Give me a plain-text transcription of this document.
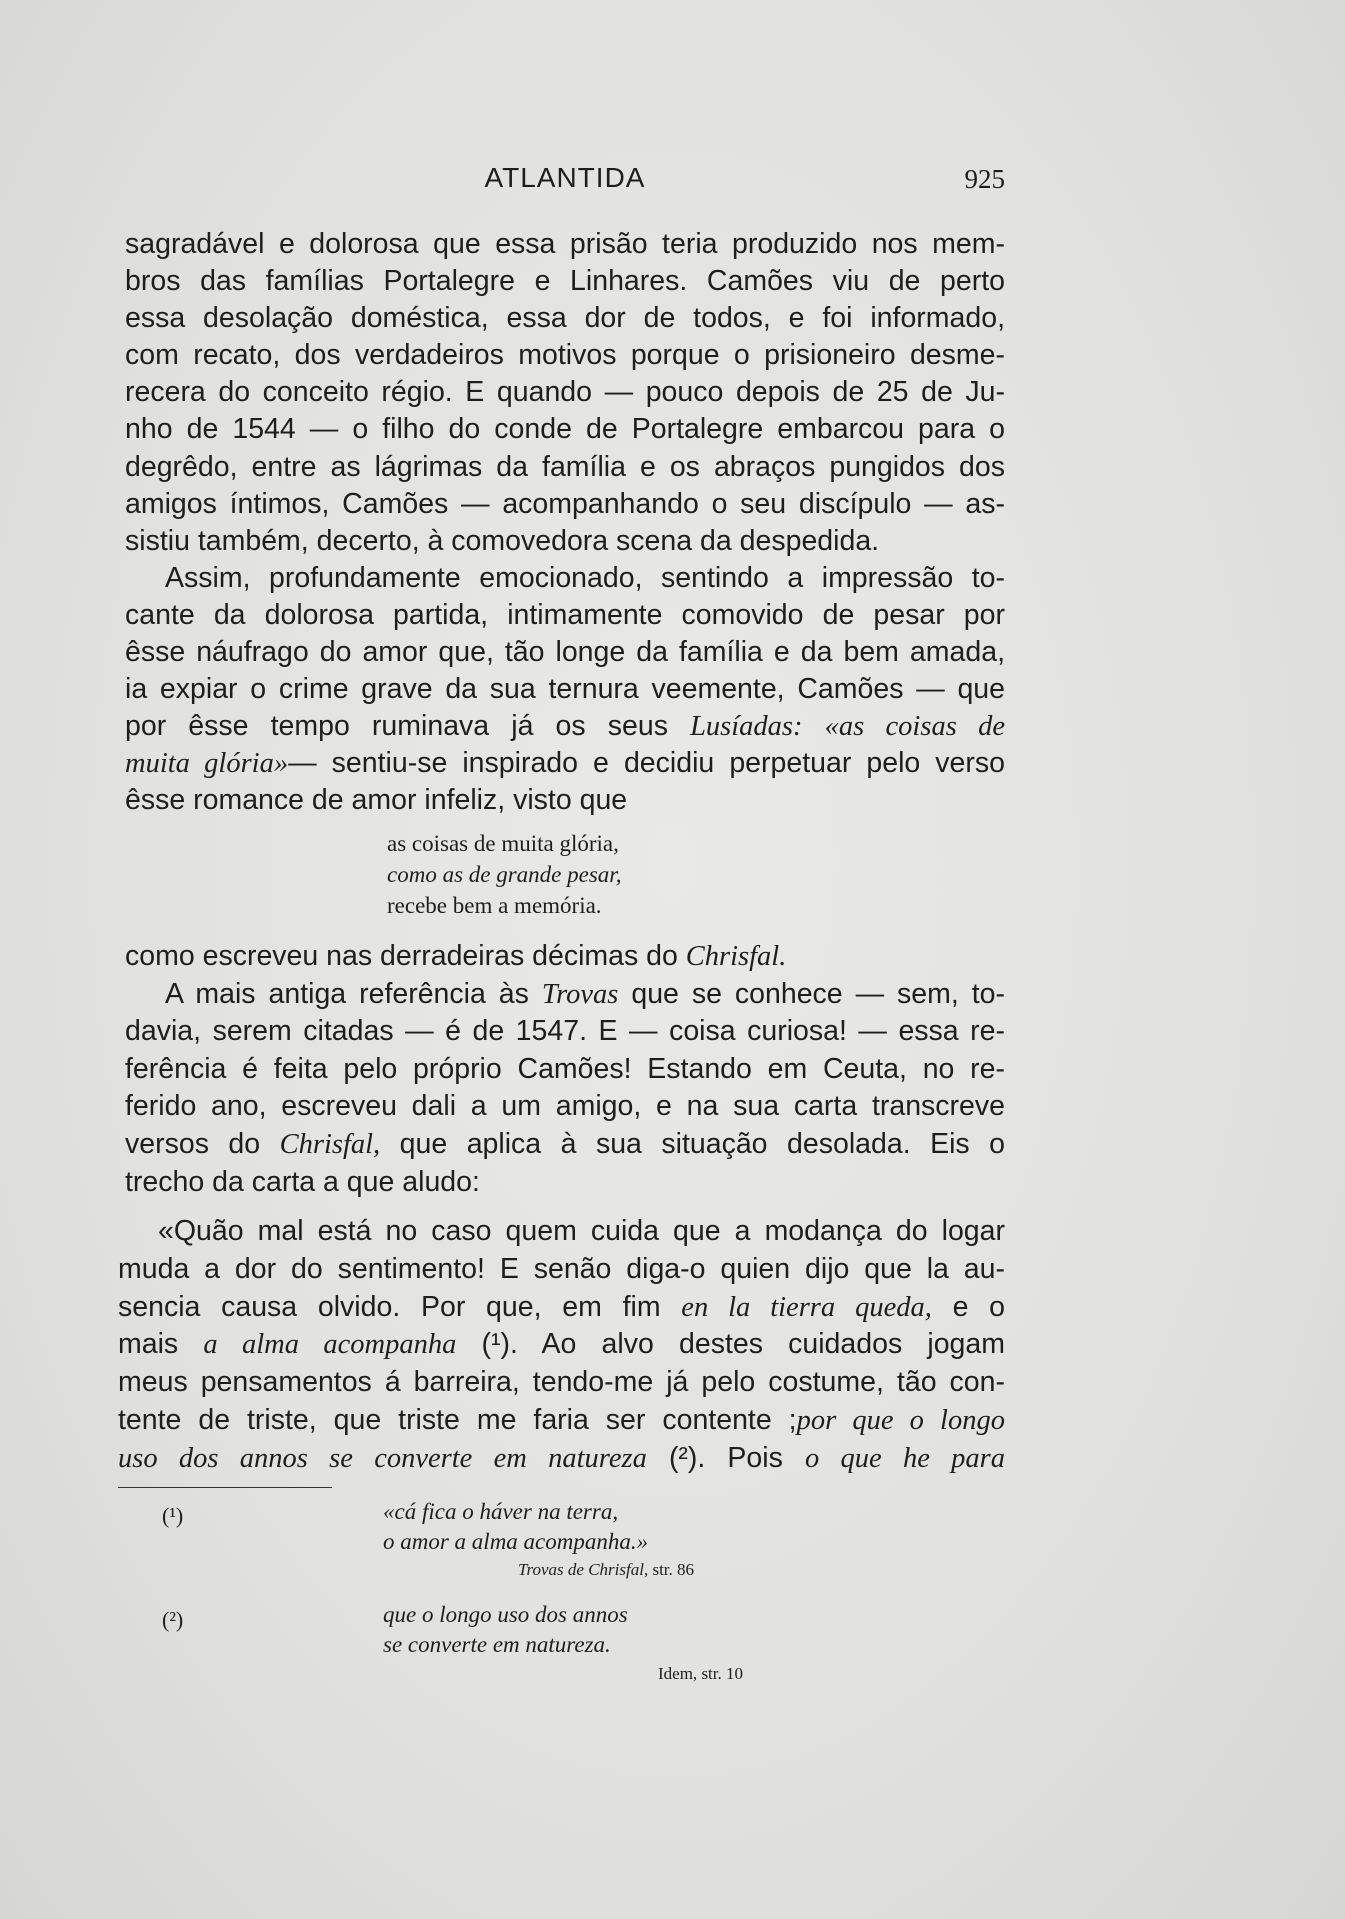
ATLANTIDA	925
sagradável e dolorosa que essa prisão teria produzido nos mem-
bros das famílias Portalegre e Linhares. Camões viu de perto
essa desolação doméstica, essa dor de todos, e foi informado,
com recato, dos verdadeiros motivos porque o prisioneiro desme-
recera do conceito régio. E quando — pouco depois de 25 de Ju-
nho de 1544 — o filho do conde de Portalegre embarcou para o
degrêdo, entre as lágrimas da família e os abraços pungidos dos
amigos íntimos, Camões — acompanhando o seu discípulo — as-
sistiu também, decerto, à comovedora scena da despedida.
Assim, profundamente emocionado, sentindo a impressão to-
cante da dolorosa partida, intimamente comovido de pesar por
êsse náufrago do amor que, tão longe da família e da bem amada,
ia expiar o crime grave da sua ternura veemente, Camões — que
por êsse tempo ruminava já os seus Lusíadas: «as coisas de
muita glória»— sentiu-se inspirado e decidiu perpetuar pelo verso
êsse romance de amor infeliz, visto que
as coisas de muita glória,
como as de grande pesar,
recebe bem a memória.
como escreveu nas derradeiras décimas do Chrisfal.
A mais antiga referência às Trovas que se conhece — sem, to-
davia, serem citadas — é de 1547. E — coisa curiosa! — essa re-
ferência é feita pelo próprio Camões! Estando em Ceuta, no re-
ferido ano, escreveu dali a um amigo, e na sua carta transcreve
versos do Chrisfal, que aplica à sua situação desolada. Eis o
trecho da carta a que aludo:
«Quão mal está no caso quem cuida que a modança do logar
muda a dor do sentimento! E senão diga-o quien dijo que la au-
sencia causa olvido. Por que, em fim en la tierra queda, e o
mais a alma acompanha (¹). Ao alvo destes cuidados jogam
meus pensamentos á barreira, tendo-me já pelo costume, tão con-
tente de triste, que triste me faria ser contente ;por que o longo
uso dos annos se converte em natureza (²). Pois o que he para
(¹)	«cá fica o háver na terra,
o amor a alma acompanha.»
Trovas de Chrisfal, str. 86
(²)	que o longo uso dos annos
se converte em natureza.
Idem, str. 10
